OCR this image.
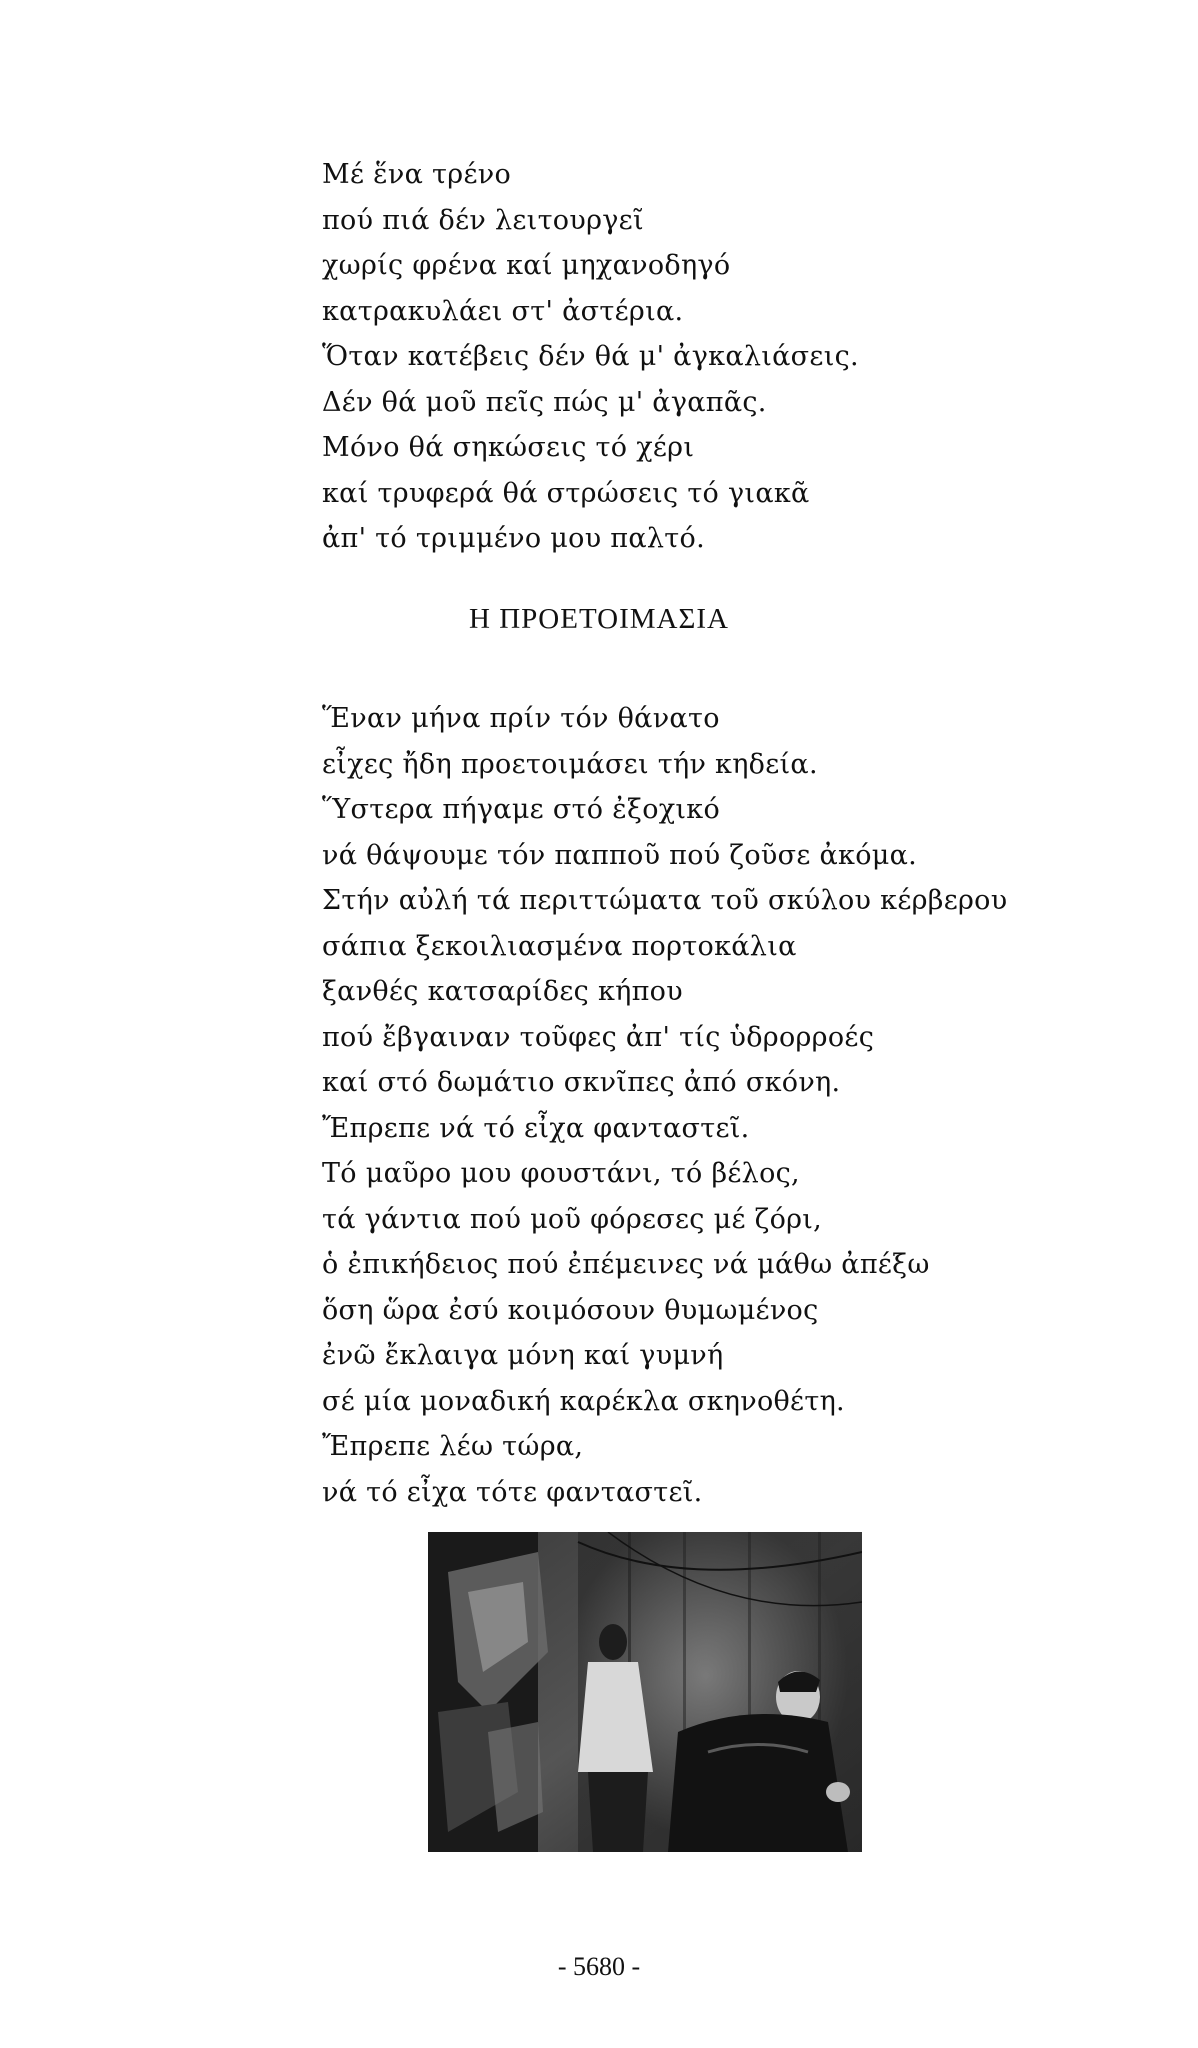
Μέ ἕνα τρένο
πού πιά δέν λειτουργεῖ
χωρίς φρένα καί μηχανοδηγό
κατρακυλάει στ' ἀστέρια.
Ὅταν κατέβεις δέν θά μ' ἀγκαλιάσεις.
Δέν θά μοῦ πεῖς πώς μ' ἀγαπᾶς.
Μόνο θά σηκώσεις τό χέρι
καί τρυφερά θά στρώσεις τό γιακᾶ
ἀπ' τό τριμμένο μου παλτό.
Η ΠΡΟΕΤΟΙΜΑΣΙΑ
Ἕναν μήνα πρίν τόν θάνατο
εἶχες ἤδη προετοιμάσει τήν κηδεία.
Ὕστερα πήγαμε στό ἐξοχικό
νά θάψουμε τόν παπποῦ πού ζοῦσε ἀκόμα.
Στήν αὐλή τά περιττώματα τοῦ σκύλου κέρβερου
σάπια ξεκοιλιασμένα πορτοκάλια
ξανθές κατσαρίδες κήπου
πού ἔβγαιναν τοῦφες ἀπ' τίς ὑδρορροές
καί στό δωμάτιο σκνῖπες ἀπό σκόνη.
Ἔπρεπε νά τό εἶχα φανταστεῖ.
Τό μαῦρο μου φουστάνι, τό βέλος,
τά γάντια πού μοῦ φόρεσες μέ ζόρι,
ὁ ἐπικήδειος πού ἐπέμεινες νά μάθω ἀπέξω
ὅση ὥρα ἐσύ κοιμόσουν θυμωμένος
ἐνῶ ἔκλαιγα μόνη καί γυμνή
σέ μία μοναδική καρέκλα σκηνοθέτη.
Ἔπρεπε λέω τώρα,
νά τό εἶχα τότε φανταστεῖ.
- 5680 -
